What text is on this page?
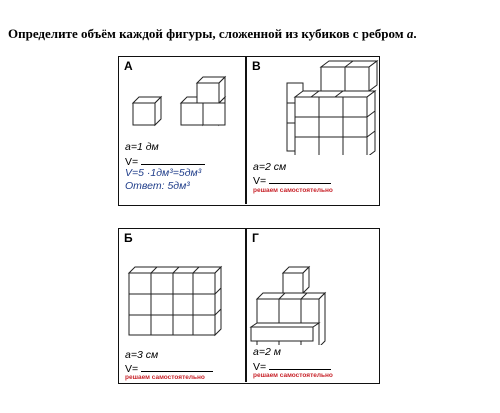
Определите объём каждой фигуры, сложенной из кубиков с ребром a.
А
a=1 дм
V=
V=5 ·1дм³=5дм³
Ответ: 5дм³
В
a=2 см
V=
решаем самостоятельно
Б
a=3 см
V=
решаем самостоятельно
Г
a=2 м
V=
решаем самостоятельно
